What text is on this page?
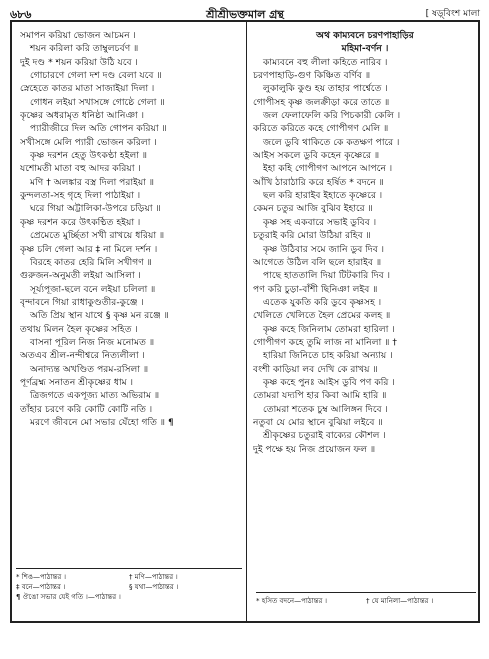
৬৮৬	শ্রীশ্রীভক্তমাল গ্রন্থ	[ ষড়্‌বিংশ মালা
সমাপন করিয়া ভোজন আচমন ।
শয়ন করিলা করি তাম্বুলচর্বণ ॥
দুই দণ্ড * শয়ন করিয়া উঠি যবে ।
গোচারণে গেলা দশ দণ্ড বেলা যবে ॥
স্নেহেতে কাতর মাতা সাজাইয়া দিলা ।
গোধন লইয়া সখাসঙ্গে গোষ্ঠে গেলা ॥
কৃষ্ণের অধরামৃত ধনিষ্ঠা আনিঞা ।
প্যারীজীরে দিল অতি গোপন করিয়া ॥
সখীসঙ্গে মেলি প্যারী ভোজন করিলা ।
কৃষ্ণ দরশন হেতু উৎকণ্ঠা হইলা ॥
যশোমতী মাতা বহু আদর করিয়া ।
মণি † অলঙ্কার বস্ত্র দিলা পরাইয়া ॥
কুন্দলতা-সহ গৃহে দিলা পাঠাইয়া ।
ঘরে গিয়া অট্টালিকা-উপরে চড়িয়া ॥
কৃষ্ণ দরশন করে উৎকণ্ঠিত হইয়া ।
প্রেমেতে মুর্চ্ছিতা সখী রাখয়ে ধরিয়া ॥
কৃষ্ণ চলি গেলা আর ‡ না মিলে দর্শন ।
বিরহে কাতর হেরি মিলি সখীগণ ॥
গুরুজন-অনুমতী লইয়া আসিলা ।
সূর্য্যপূজা-ছলে বনে লইয়া চলিলা ॥
বৃন্দাবনে গিয়া রাধাকুণ্ডতীর-কুঞ্জে ।
অতি প্রিয় স্থান যাথে § কৃষ্ণ মন রঞ্জে ॥
তথায় মিলন হৈল কৃষ্ণের সহিত ।
বাসনা পূরিল নিজ নিজ মনোমত ॥
অতএব শ্রীল-নন্দীশ্বরে নিত্যলীলা ।
অনাদ্যন্ত অখণ্ডিত পরম-রসিলা ॥
পূর্ণব্রহ্ম সনাতন শ্রীকৃষ্ণের ধাম ।
ত্রিজগতে একপূজ্য মাত্য অভিরাম ॥
তাঁহার চরণে করি কোটি কোটি নতি ।
মরণে জীবনে মো সভার যেঁহো গতি ॥ ¶
অথ কাম্যবনে চরণপাহাড়ির
মহিমা-বর্ণন ।
কাম্যবনে বহু লীলা কহিতে নারিব ।
চরণপাহাড়ি-গুণ কিঞ্চিত বর্ণিব ॥
লুকালুকি কুণ্ড হয় তাহার পার্শ্বেতে ।
গোপীসহ কৃষ্ণ জলক্রীড়া করে তাতে ॥
জল ফেলাফেলি করি পিচকারী কেলি ।
করিতে করিতে কহে গোপীগণ মেলি ॥
জলে ডুবি থাকিতে কে কতক্ষণ পারে ।
আইস সকলে ডুবি কহেন কৃষ্ণেরে ॥
ইহা কহি গোপীগণ আপনে আপনে ।
আঁখি ঠারাঠারি করে হর্ষিত * বদনে ॥
ছল করি হারাইব ইহাতে কৃষ্ণেরে ।
কেমন চতুর আজি বুঝিব ইহারে ॥
কৃষ্ণ সহ একবারে সভাই ডুবিব ।
চতুরাই করি মোরা উঠিয়া রহিব ॥
কৃষ্ণ উঠিবার সমে জানি ডুব দিব ।
আগেতে উঠিল বলি ছলে হারাইব ॥
পাছে হাততালি দিয়া টিটকারি দিব ।
পণ করি চুড়া-বাঁশী ছিনিঞা লইব ॥
এতেক যুকতি করি ডুবে কৃষ্ণসহ ।
খেলিতে খেলিতে হৈল প্রেমের কলহ ॥
কৃষ্ণ কহে জিনিলাম তোমরা হারিলা ।
গোপীগণ কহে তুমি লাজ না মানিলা ॥ †
হারিয়া জিনিতে চাহ করিয়া অন্যায় ।
বংশী কাড়িয়া লব দেখি কে রাখয় ॥
কৃষ্ণ কহে পুনঃ আইস ডুবি পণ করি ।
তোমরা যদ্যপি হার কিবা আমি হারি ॥
তোমরা শতেক চুম্ব আলিঙ্গন দিবে ।
নতুবা যে মোর স্থানে বুঝিয়া লইবে ॥
শ্রীকৃষ্ণের চতুরাই বাক্যের কৌশল ।
দুই পক্ষে হয় নিজ প্রয়োজন ফল ॥
* শিঙ—পাঠান্তর ।	† মণি—পাঠান্তর ।
‡ বনে—পাঠান্তর ।	§ যথা—পাঠান্তর ।
¶ ঔঙো সভার যেই গতি ।—পাঠান্তর ।	* হসিত বদনে—পাঠান্তর ।	† যে মানিলা—পাঠান্তর ।
